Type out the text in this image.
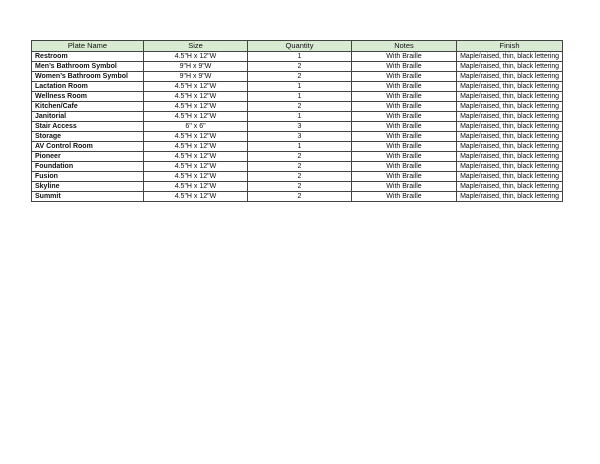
Plate Name	Size	Quantity	Notes	Finish
Restroom	4.5"H x 12"W	1	With Braille	Maple/raised, thin, black lettering
Men’s Bathroom Symbol	9"H x 9"W	2	With Braille	Maple/raised, thin, black lettering
Women’s Bathroom Symbol	9"H x 9"W	2	With Braille	Maple/raised, thin, black lettering
Lactation Room	4.5"H x 12"W	1	With Braille	Maple/raised, thin, black lettering
Wellness Room	4.5"H x 12"W	1	With Braille	Maple/raised, thin, black lettering
Kitchen/Cafe	4.5"H x 12"W	2	With Braille	Maple/raised, thin, black lettering
Janitorial	4.5"H x 12"W	1	With Braille	Maple/raised, thin, black lettering
Stair Access	6" x 6"	3	With Braille	Maple/raised, thin, black lettering
Storage	4.5"H x 12"W	3	With Braille	Maple/raised, thin, black lettering
AV Control Room	4.5"H x 12"W	1	With Braille	Maple/raised, thin, black lettering
Pioneer	4.5"H x 12"W	2	With Braille	Maple/raised, thin, black lettering
Foundation	4.5"H x 12"W	2	With Braille	Maple/raised, thin, black lettering
Fusion	4.5"H x 12"W	2	With Braille	Maple/raised, thin, black lettering
Skyline	4.5"H x 12"W	2	With Braille	Maple/raised, thin, black lettering
Summit	4.5"H x 12"W	2	With Braille	Maple/raised, thin, black lettering
